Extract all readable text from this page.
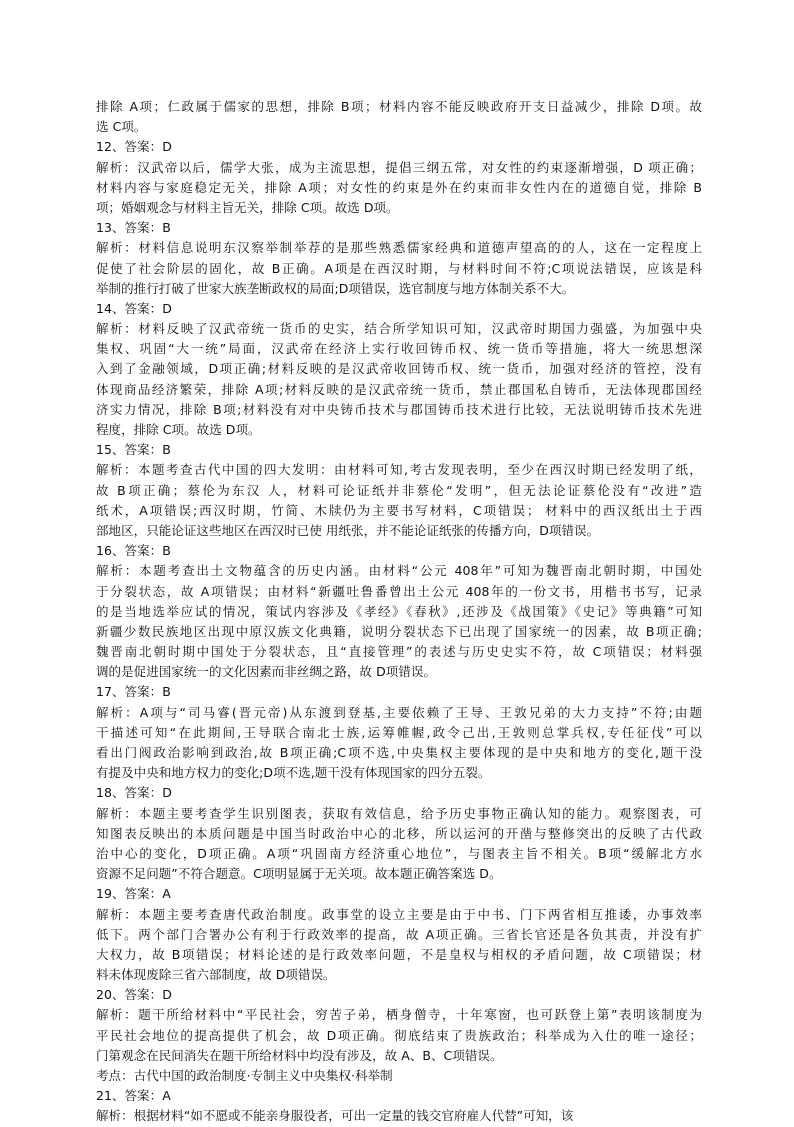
排除 A项；仁政属于儒家的思想，排除 B项；材料内容不能反映政府开支日益减少，排除 D项。故
选 C项。
12、答案：D
解析：汉武帝以后，儒学大张，成为主流思想，提倡三纲五常，对女性的约束逐渐增强，D 项正确；
材料内容与家庭稳定无关，排除 A项；对女性的约束是外在约束而非女性内在的道德自觉，排除 B
项；婚姻观念与材料主旨无关，排除 C项。故选 D项。
13、答案：B
解析：材料信息说明东汉察举制举荐的是那些熟悉儒家经典和道德声望高的的人，这在一定程度上
促使了社会阶层的固化，故 B正确。A项是在西汉时期，与材料时间不符;C项说法错误，应该是科
举制的推行打破了世家大族垄断政权的局面;D项错误，选官制度与地方体制关系不大。
14、答案：D
解析：材料反映了汉武帝统一货币的史实，结合所学知识可知，汉武帝时期国力强盛，为加强中央
集权、巩固“大一统”局面，汉武帝在经济上实行收回铸币权、统一货币等措施，将大一统思想深
入到了金融领域，D项正确;材料反映的是汉武帝收回铸币权、统一货币，加强对经济的管控，没有
体现商品经济繁荣，排除 A项;材料反映的是汉武帝统一货币，禁止郡国私自铸币，无法体现郡国经
济实力情况，排除 B项;材料没有对中央铸币技术与郡国铸币技术进行比较，无法说明铸币技术先进
程度，排除 C项。故选 D项。
15、答案：B
解析：本题考查古代中国的四大发明：由材料可知,考古发现表明，至少在西汉时期已经发明了纸，
故 B项正确；蔡伦为东汉 人，材料可论证纸并非蔡伦“发明”，但无法论证蔡伦没有“改进”造
纸术，A项错误;西汉时期，竹简、木牍仍为主要书写材料，C项错误； 材料中的西汉纸出土于西
部地区，只能论证这些地区在西汉时已使 用纸张，并不能论证纸张的传播方向，D项错误。
16、答案：B
解析：本题考查出土文物蕴含的历史内涵。由材料“公元 408年”可知为魏晋南北朝时期，中国处
于分裂状态，故 A项错误；由材料“新疆吐鲁番曾出土公元 408年的一份文书，用楷书书写，记录
的是当地选举应试的情况，策试内容涉及《孝经》《春秋》,还涉及《战国策》《史记》等典籍”可知
新疆少数民族地区出现中原汉族文化典籍，说明分裂状态下已出现了国家统一的因素，故 B项正确;
魏晋南北朝时期中国处于分裂状态，且“直接管理”的表述与历史史实不符，故 C项错误；材料强
调的是促进国家统一的文化因素而非丝绸之路，故 D项错误。
17、答案：B
解析：A项与“司马睿(晋元帝)从东渡到登基,主要依赖了王导、王敦兄弟的大力支持”不符;由题
干描述可知“在此期间,王导联合南北士族,运筹帷幄,政令己出,王敦则总掌兵权,专任征伐”可以
看出门阀政治影响到政治,故 B项正确;C项不选,中央集权主要体现的是中央和地方的变化,题干没
有提及中央和地方权力的变化;D项不选,题干没有体现国家的四分五裂。
18、答案：D
解析：本题主要考查学生识别图表，获取有效信息，给予历史事物正确认知的能力。观察图表，可
知图表反映出的本质问题是中国当时政治中心的北移，所以运河的开凿与整修突出的反映了古代政
治中心的变化，D项正确。A项“巩固南方经济重心地位”，与图表主旨不相关。B项“缓解北方水
资源不足问题”不符合题意。C项明显属于无关项。故本题正确答案选 D。
19、答案：A
解析：本题主要考查唐代政治制度。政事堂的设立主要是由于中书、门下两省相互推诿，办事效率
低下。两个部门合署办公有利于行政效率的提高，故 A项正确。三省长官还是各负其责，并没有扩
大权力，故 B项错误；材料论述的是行政效率问题，不是皇权与相权的矛盾问题，故 C项错误；材
料未体现废除三省六部制度，故 D项错误。
20、答案：D
解析：题干所给材料中“平民社会，穷苦子弟，栖身僧寺，十年寒窗，也可跃登上第”表明该制度为
平民社会地位的提高提供了机会，故 D项正确。彻底结束了贵族政治；科举成为入仕的唯一途径；
门第观念在民间消失在题干所给材料中均没有涉及，故 A、B、C项错误。
考点：古代中国的政治制度·专制主义中央集权·科举制
21、答案：A
解析：根据材料“如不愿或不能亲身服役者，可出一定量的钱交官府雇人代替”可知，该
